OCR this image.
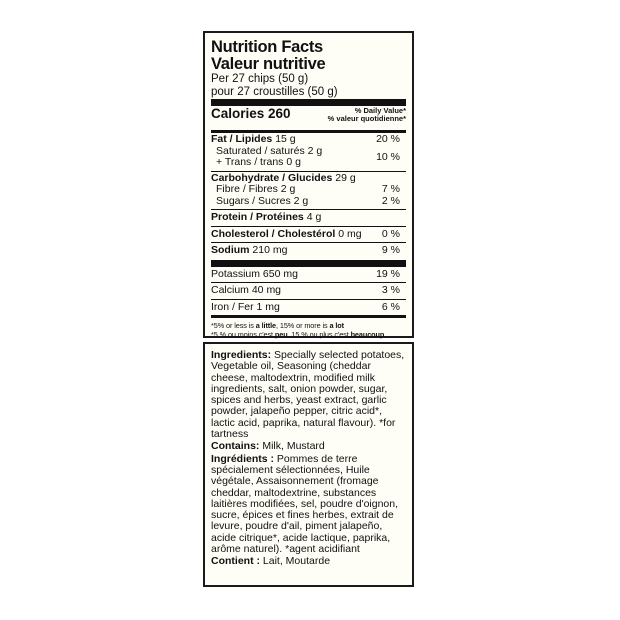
Nutrition Facts
Valeur nutritive
Per 27 chips (50 g)
pour 27 croustilles (50 g)
Calories 260	% Daily Value*
% valeur quotidienne*
Fat / Lipides 15 g	20 %
Saturated / saturés 2 g
+ Trans / trans 0 g	10 %
Carbohydrate / Glucides 29 g
Fibre / Fibres 2 g	7 %
Sugars / Sucres 2 g	2 %
Protein / Protéines 4 g
Cholesterol / Cholestérol 0 mg 0 %
Sodium 210 mg	9 %
Potassium 650 mg	19 %
Calcium 40 mg	3 %
Iron / Fer 1 mg	6 %
*5% or less is a little, 15% or more is a lot
*5 % ou moins c'est peu, 15 % ou plus c'est beaucoup

Ingredients: Specially selected potatoes, Vegetable oil, Seasoning (cheddar cheese, maltodextrin, modified milk ingredients, salt, onion powder, sugar, spices and herbs, yeast extract, garlic powder, jalapeño pepper, citric acid*, lactic acid, paprika, natural flavour). *for tartness

Contains: Milk, Mustard

Ingrédients : Pommes de terre spécialement sélectionnées, Huile végétale, Assaisonnement (fromage cheddar, maltodextrine, substances laitières modifiées, sel, poudre d'oignon, sucre, épices et fines herbes, extrait de levure, poudre d'ail, piment jalapeño, acide citrique*, acide lactique, paprika, arôme naturel). *agent acidifiant

Contient : Lait, Moutarde
